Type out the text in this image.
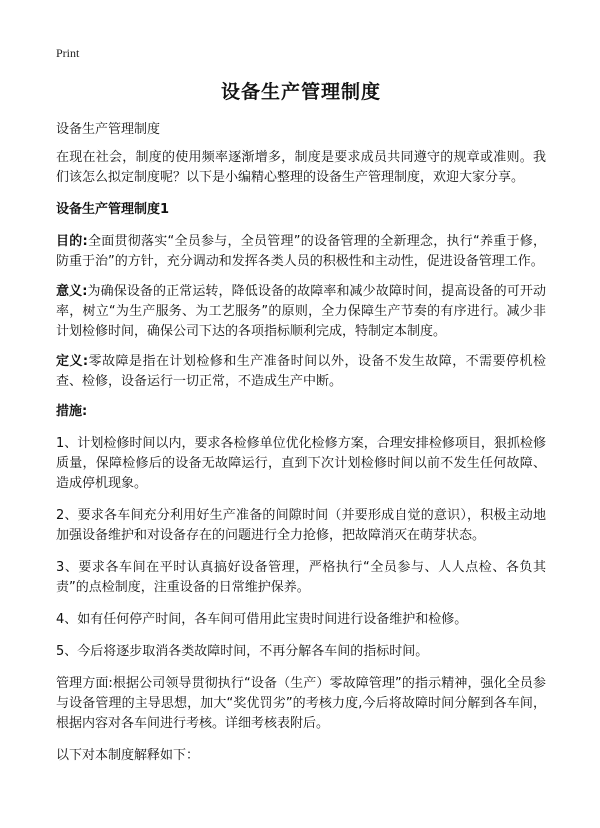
Print
设备生产管理制度

设备生产管理制度

在现在社会，制度的使用频率逐渐增多，制度是要求成员共同遵守的规章或准则。我们该怎么拟定制度呢？以下是小编精心整理的设备生产管理制度，欢迎大家分享。

设备生产管理制度1

目的:全面贯彻落实“全员参与，全员管理”的设备管理的全新理念，执行“养重于修，防重于治”的方针，充分调动和发挥各类人员的积极性和主动性，促进设备管理工作。

意义:为确保设备的正常运转，降低设备的故障率和减少故障时间，提高设备的可开动率，树立“为生产服务、为工艺服务”的原则，全力保障生产节奏的有序进行。减少非计划检修时间，确保公司下达的各项指标顺利完成，特制定本制度。

定义:零故障是指在计划检修和生产准备时间以外，设备不发生故障，不需要停机检查、检修，设备运行一切正常，不造成生产中断。

措施:

1、计划检修时间以内，要求各检修单位优化检修方案，合理安排检修项目，狠抓检修质量，保障检修后的设备无故障运行，直到下次计划检修时间以前不发生任何故障、造成停机现象。

2、要求各车间充分利用好生产准备的间隙时间（并要形成自觉的意识），积极主动地加强设备维护和对设备存在的问题进行全力抢修，把故障消灭在萌芽状态。

3、要求各车间在平时认真搞好设备管理，严格执行“全员参与、人人点检、各负其责”的点检制度，注重设备的日常维护保养。

4、如有任何停产时间，各车间可借用此宝贵时间进行设备维护和检修。

5、今后将逐步取消各类故障时间，不再分解各车间的指标时间。

管理方面:根据公司领导贯彻执行“设备（生产）零故障管理”的指示精神，强化全员参与设备管理的主导思想，加大“奖优罚劣”的考核力度,今后将故障时间分解到各车间，根据内容对各车间进行考核。详细考核表附后。

以下对本制度解释如下：
